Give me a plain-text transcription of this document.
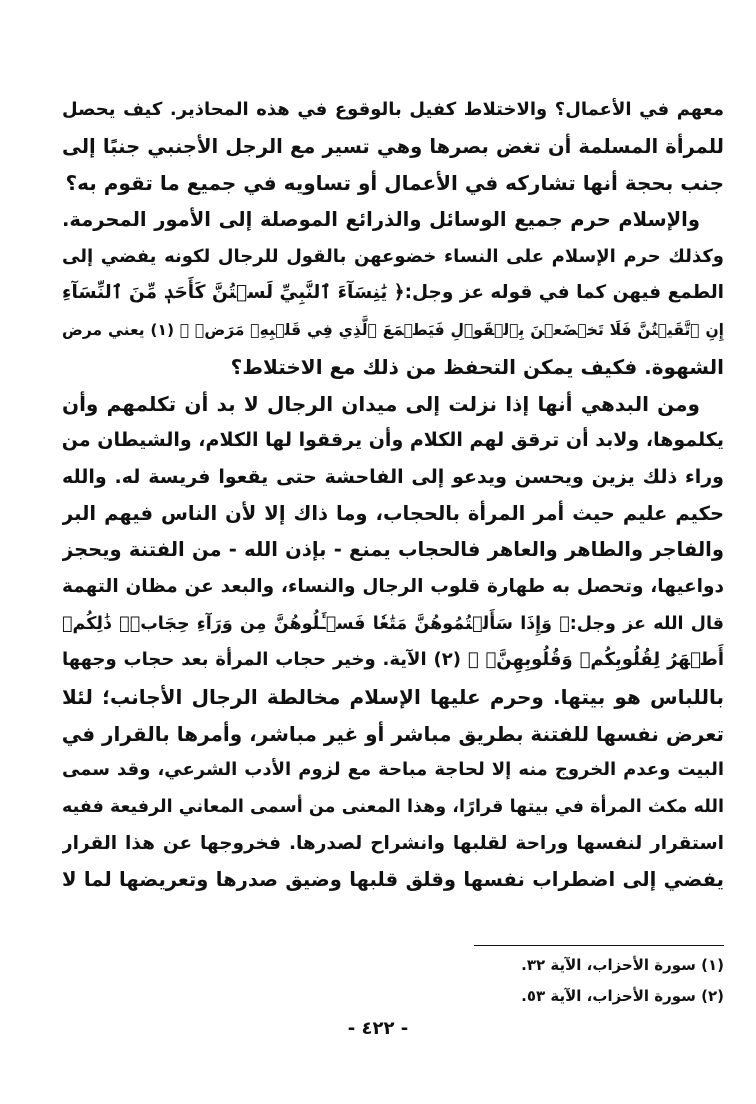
معهم في الأعمال؟ والاختلاط كفيل بالوقوع في هذه المحاذير. كيف يحصل
للمرأة المسلمة أن تغض بصرها وهي تسير مع الرجل الأجنبي جنبًا إلى
جنب بحجة أنها تشاركه في الأعمال أو تساويه في جميع ما تقوم به؟
والإسلام حرم جميع الوسائل والذرائع الموصلة إلى الأمور المحرمة.
وكذلك حرم الإسلام على النساء خضوعهن بالقول للرجال لكونه يفضي إلى
الطمع فيهن كما في قوله عز وجل:﴿ يَٰنِسَآءَ ٱلنَّبِيِّ لَسۡتُنَّ كَأَحَدٖ مِّنَ ٱلنِّسَآءِ
إِنِ ٱتَّقَيۡتُنَّ فَلَا تَخۡضَعۡنَ بِٱلۡقَوۡلِ فَيَطۡمَعَ ٱلَّذِي فِي قَلۡبِهِۦ مَرَضٞ ﴾ (١) يعني مرض
الشهوة. فكيف يمكن التحفظ من ذلك مع الاختلاط؟
ومن البدهي أنها إذا نزلت إلى ميدان الرجال لا بد أن تكلمهم وأن
يكلموها، ولابد أن ترقق لهم الكلام وأن يرققوا لها الكلام، والشيطان من
وراء ذلك يزين ويحسن ويدعو إلى الفاحشة حتى يقعوا فريسة له. والله
حكيم عليم حيث أمر المرأة بالحجاب، وما ذاك إلا لأن الناس فيهم البر
والفاجر والطاهر والعاهر فالحجاب يمنع - بإذن الله - من الفتنة ويحجز
دواعيها، وتحصل به طهارة قلوب الرجال والنساء، والبعد عن مظان التهمة
قال الله عز وجل:﴿ وَإِذَا سَأَلۡتُمُوهُنَّ مَتَٰعٗا فَسۡـَٔلُوهُنَّ مِن وَرَآءِ حِجَابٖۚ ذَٰلِكُمۡ
أَطۡهَرُ لِقُلُوبِكُمۡ وَقُلُوبِهِنَّۚ ﴾ (٢) الآية. وخير حجاب المرأة بعد حجاب وجهها
باللباس هو بيتها. وحرم عليها الإسلام مخالطة الرجال الأجانب؛ لئلا
تعرض نفسها للفتنة بطريق مباشر أو غير مباشر، وأمرها بالقرار في
البيت وعدم الخروج منه إلا لحاجة مباحة مع لزوم الأدب الشرعي، وقد سمى
الله مكث المرأة في بيتها قرارًا، وهذا المعنى من أسمى المعاني الرفيعة ففيه
استقرار لنفسها وراحة لقلبها وانشراح لصدرها. فخروجها عن هذا القرار
يفضي إلى اضطراب نفسها وقلق قلبها وضيق صدرها وتعريضها لما لا
(١) سورة الأحزاب، الآية ٣٢.
(٢) سورة الأحزاب، الآية ٥٣.
- ٤٢٢ -
